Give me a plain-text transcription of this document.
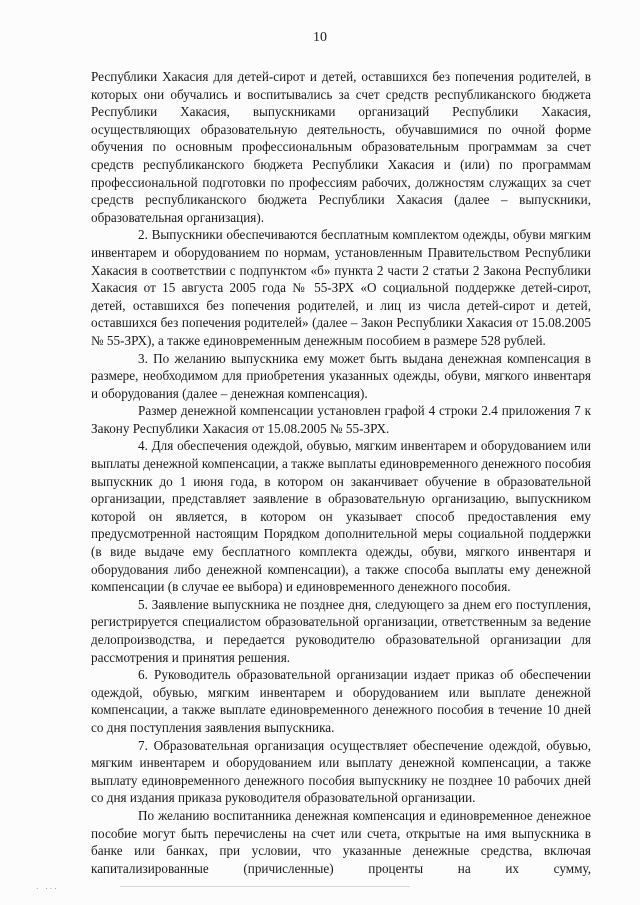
10

Республики Хакасия для детей-сирот и детей, оставшихся без попечения родителей, в которых они обучались и воспитывались за счет средств республиканского бюджета Республики Хакасия, выпускниками организаций Республики Хакасия, осуществляющих образовательную деятельность, обучавшимися по очной форме обучения по основным профессиональным образовательным программам за счет средств республиканского бюджета Республики Хакасия и (или) по программам профессиональной подготовки по профессиям рабочих, должностям служащих за счет средств республиканского бюджета Республики Хакасия (далее – выпускники, образовательная организация).

2. Выпускники обеспечиваются бесплатным комплектом одежды, обуви мягким инвентарем и оборудованием по нормам, установленным Правительством Республики Хакасия в соответствии с подпунктом «б» пункта 2 части 2 статьи 2 Закона Республики Хакасия от 15 августа 2005 года № 55-ЗРХ «О социальной поддержке детей-сирот, детей, оставшихся без попечения родителей, и лиц из числа детей-сирот и детей, оставшихся без попечения родителей» (далее – Закон Республики Хакасия от 15.08.2005 № 55-ЗРХ), а также единовременным денежным пособием в размере 528 рублей.

3. По желанию выпускника ему может быть выдана денежная компенсация в размере, необходимом для приобретения указанных одежды, обуви, мягкого инвентаря и оборудования (далее – денежная компенсация).

Размер денежной компенсации установлен графой 4 строки 2.4 приложения 7 к Закону Республики Хакасия от 15.08.2005 № 55-ЗРХ.

4. Для обеспечения одеждой, обувью, мягким инвентарем и оборудованием или выплаты денежной компенсации, а также выплаты единовременного денежного пособия выпускник до 1 июня года, в котором он заканчивает обучение в образовательной организации, представляет заявление в образовательную организацию, выпускником которой он является, в котором он указывает способ предоставления ему предусмотренной настоящим Порядком дополнительной меры социальной поддержки (в виде выдаче ему бесплатного комплекта одежды, обуви, мягкого инвентаря и оборудования либо денежной компенсации), а также способа выплаты ему денежной компенсации (в случае ее выбора) и единовременного денежного пособия.

5. Заявление выпускника не позднее дня, следующего за днем его поступления, регистрируется специалистом образовательной организации, ответственным за ведение делопроизводства, и передается руководителю образовательной организации для рассмотрения и принятия решения.

6. Руководитель образовательной организации издает приказ об обеспечении одеждой, обувью, мягким инвентарем и оборудованием или выплате денежной компенсации, а также выплате единовременного денежного пособия в течение 10 дней со дня поступления заявления выпускника.

7. Образовательная организация осуществляет обеспечение одеждой, обувью, мягким инвентарем и оборудованием или выплату денежной компенсации, а также выплату единовременного денежного пособия выпускнику не позднее 10 рабочих дней со дня издания приказа руководителя образовательной организации.

По желанию воспитанника денежная компенсация и единовременное денежное пособие могут быть перечислены на счет или счета, открытые на имя выпускника в банке или банках, при условии, что указанные денежные средства, включая капитализированные (причисленные) проценты на их сумму,

. ...
